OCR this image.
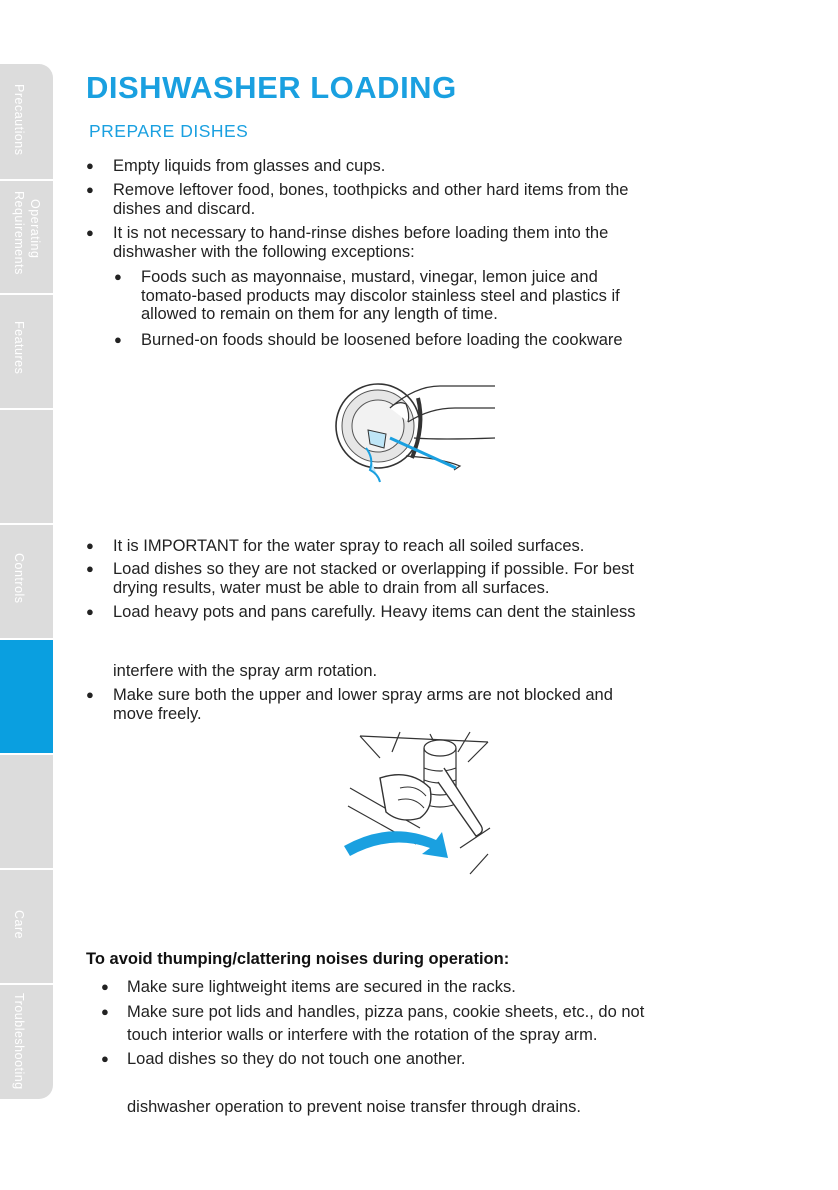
Precautions
Operating
Requirements
Features
Controls
Care
Troubleshooting
DISHWASHER LOADING
PREPARE DISHES
● Empty liquids from glasses and cups.
● Remove leftover food, bones, toothpicks and other hard items from the
dishes and discard.
● It is not necessary to hand-rinse dishes before loading them into the
dishwasher with the following exceptions:
● Foods such as mayonnaise, mustard, vinegar, lemon juice and
tomato-based products may discolor stainless steel and plastics if
allowed to remain on them for any length of time.
● Burned-on foods should be loosened before loading the cookware
● It is IMPORTANT for the water spray to reach all soiled surfaces.
● Load dishes so they are not stacked or overlapping if possible. For best
drying results, water must be able to drain from all surfaces.
● Load heavy pots and pans carefully. Heavy items can dent the stainless
interfere with the spray arm rotation.
● Make sure both the upper and lower spray arms are not blocked and
move freely.
To avoid thumping/clattering noises during operation:
● Make sure lightweight items are secured in the racks.
● Make sure pot lids and handles, pizza pans, cookie sheets, etc., do not
touch interior walls or interfere with the rotation of the spray arm.
● Load dishes so they do not touch one another.
dishwasher operation to prevent noise transfer through drains.
